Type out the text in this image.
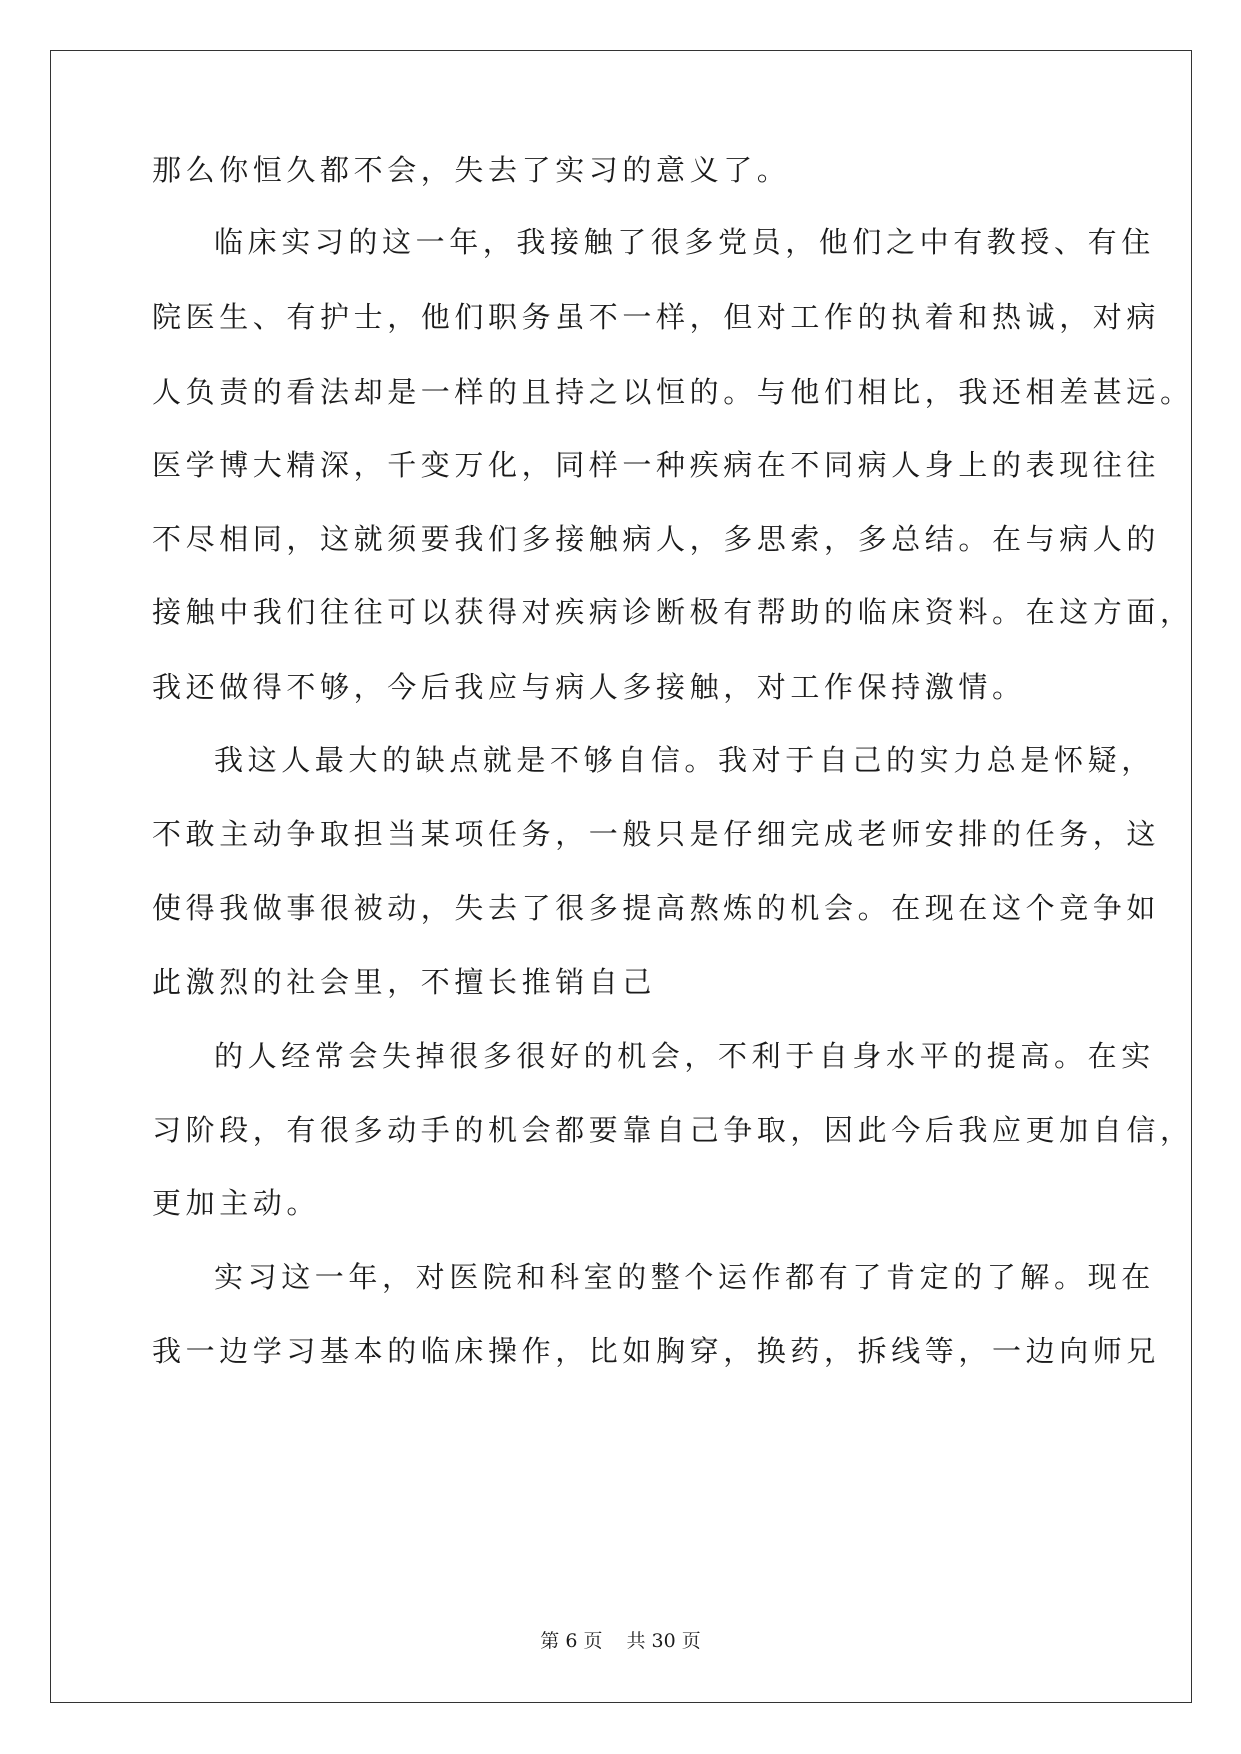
那么你恒久都不会，失去了实习的意义了。
临床实习的这一年，我接触了很多党员，他们之中有教授、有住
院医生、有护士，他们职务虽不一样，但对工作的执着和热诚，对病
人负责的看法却是一样的且持之以恒的。与他们相比，我还相差甚远。
医学博大精深，千变万化，同样一种疾病在不同病人身上的表现往往
不尽相同，这就须要我们多接触病人，多思索，多总结。在与病人的
接触中我们往往可以获得对疾病诊断极有帮助的临床资料。在这方面，
我还做得不够，今后我应与病人多接触，对工作保持激情。
我这人最大的缺点就是不够自信。我对于自己的实力总是怀疑，
不敢主动争取担当某项任务，一般只是仔细完成老师安排的任务，这
使得我做事很被动，失去了很多提高熬炼的机会。在现在这个竞争如
此激烈的社会里，不擅长推销自己
的人经常会失掉很多很好的机会，不利于自身水平的提高。在实
习阶段，有很多动手的机会都要靠自己争取，因此今后我应更加自信，
更加主动。
实习这一年，对医院和科室的整个运作都有了肯定的了解。现在
我一边学习基本的临床操作，比如胸穿，换药，拆线等，一边向师兄
第 6 页 共 30 页
